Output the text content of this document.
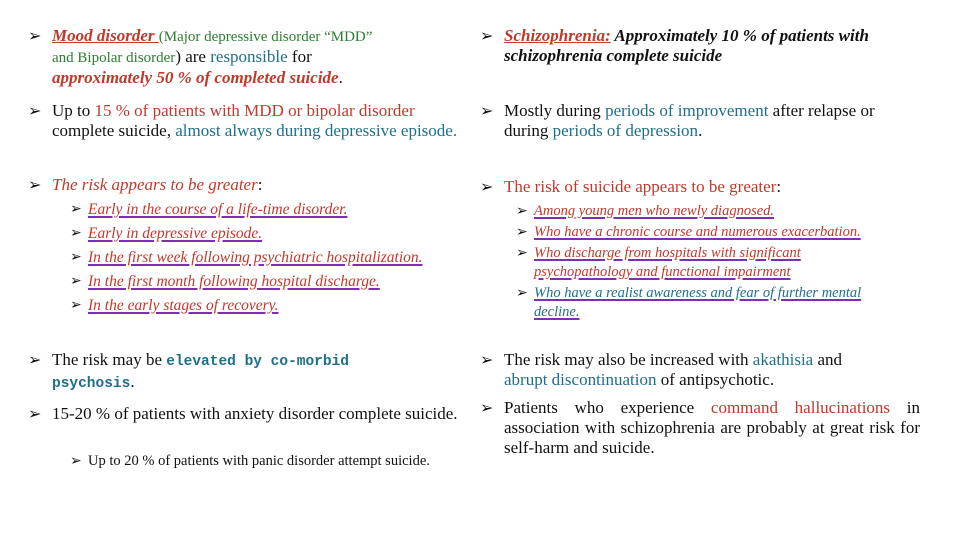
➢ Mood disorder (Major depressive disorder “MDD”
and Bipolar disorder) are responsible for
approximately 50 % of completed suicide.
➢ Up to 15 % of patients with MDD or bipolar disorder complete suicide, almost always during depressive episode.
➢ The risk appears to be greater:
➢ Early in the course of a life-time disorder.
➢ Early in depressive episode.
➢ In the first week following psychiatric hospitalization.
➢ In the first month following hospital discharge.
➢ In the early stages of recovery.
➢ The risk may be elevated by co-morbid
psychosis.
➢ 15-20 % of patients with anxiety disorder complete suicide.
➢ Up to 20 % of patients with panic disorder attempt suicide.
➢ Schizophrenia: Approximately 10 % of patients with schizophrenia complete suicide
➢ Mostly during periods of improvement after relapse or during periods of depression.
➢ The risk of suicide appears to be greater:
➢ Among young men who newly diagnosed.
➢ Who have a chronic course and numerous exacerbation.
➢ Who discharge from hospitals with significant psychopathology and functional impairment
➢ Who have a realist awareness and fear of further mental decline.
➢ The risk may also be increased with akathisia and
abrupt discontinuation of antipsychotic.
➢ Patients who experience command hallucinations in association with schizophrenia are probably at great risk for self-harm and suicide.
